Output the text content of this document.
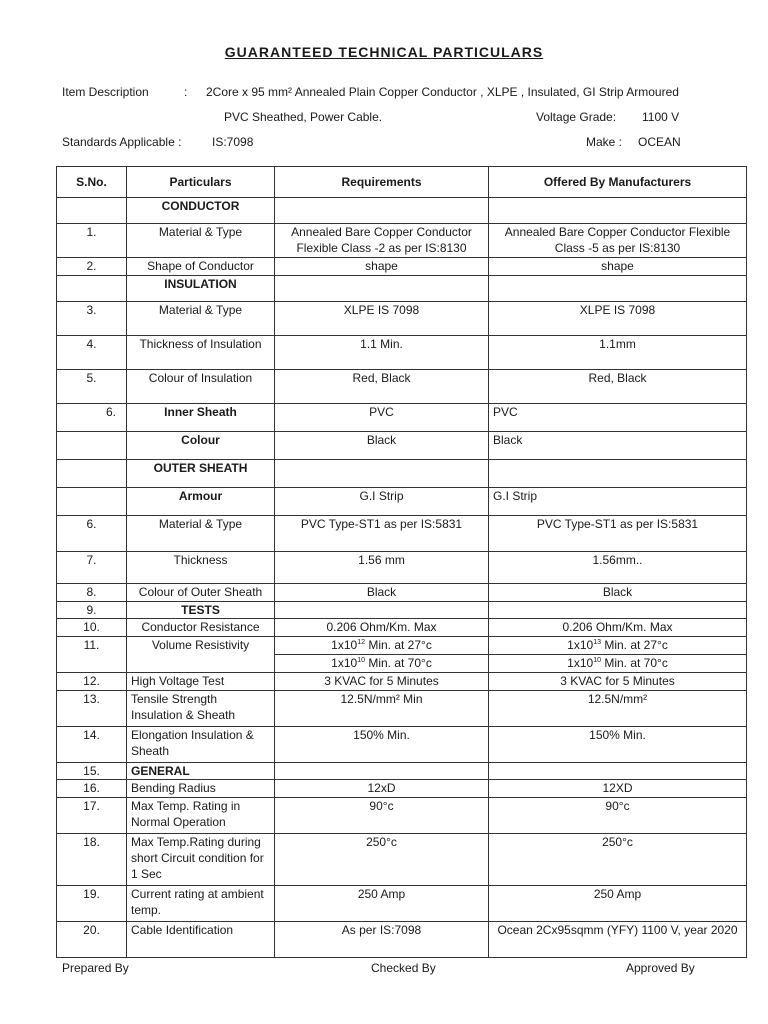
GUARANTEED TECHNICAL PARTICULARS
Item Description	: 2Core x 95 mm² Annealed Plain Copper Conductor , XLPE , Insulated, GI Strip Armoured
PVC Sheathed, Power Cable.	Voltage Grade: 1100 V
Standards Applicable :	IS:7098	Make : OCEAN
S.No.	Particulars	Requirements	Offered By Manufacturers
	CONDUCTOR		
1.	Material & Type	Annealed Bare Copper Conductor Flexible Class -2 as per IS:8130	Annealed Bare Copper Conductor Flexible Class -5 as per IS:8130
2.	Shape of Conductor	shape	shape
	INSULATION		
3.	Material & Type	XLPE IS 7098	XLPE IS 7098
4.	Thickness of Insulation	1.1 Min.	1.1mm
5.	Colour of Insulation	Red, Black	Red, Black
6.	Inner Sheath	PVC	PVC
	Colour	Black	Black
	OUTER SHEATH		
	Armour	G.I Strip	G.I Strip
6.	Material & Type	PVC Type-ST1 as per IS:5831	PVC Type-ST1 as per IS:5831
7.	Thickness	1.56 mm	1.56mm..
8.	Colour of Outer Sheath	Black	Black
9.	TESTS		
10.	Conductor Resistance	0.206 Ohm/Km. Max	0.206 Ohm/Km. Max
11.	Volume Resistivity	$1x10^{12}$ Min. at 27°c	$1x10^{13}$ Min. at 27°c
		$1x10^{10}$ Min. at 70°c	$1x10^{10}$ Min. at 70°c
12.	High Voltage Test	3 KVAC for 5 Minutes	3 KVAC for 5 Minutes
13.	Tensile Strength Insulation & Sheath	12.5N/mm² Min	12.5N/mm²
14.	Elongation Insulation & Sheath	150% Min.	150% Min.
15.	GENERAL		
16.	Bending Radius	12xD	12XD
17.	Max Temp. Rating in Normal Operation	90°c	90°c
18.	Max Temp.Rating during short Circuit condition for 1 Sec	250°c	250°c
19.	Current rating at ambient temp.	250 Amp	250 Amp
20.	Cable Identification	As per IS:7098	Ocean 2Cx95sqmm (YFY) 1100 V, year 2020
Prepared By	Checked By	Approved By
